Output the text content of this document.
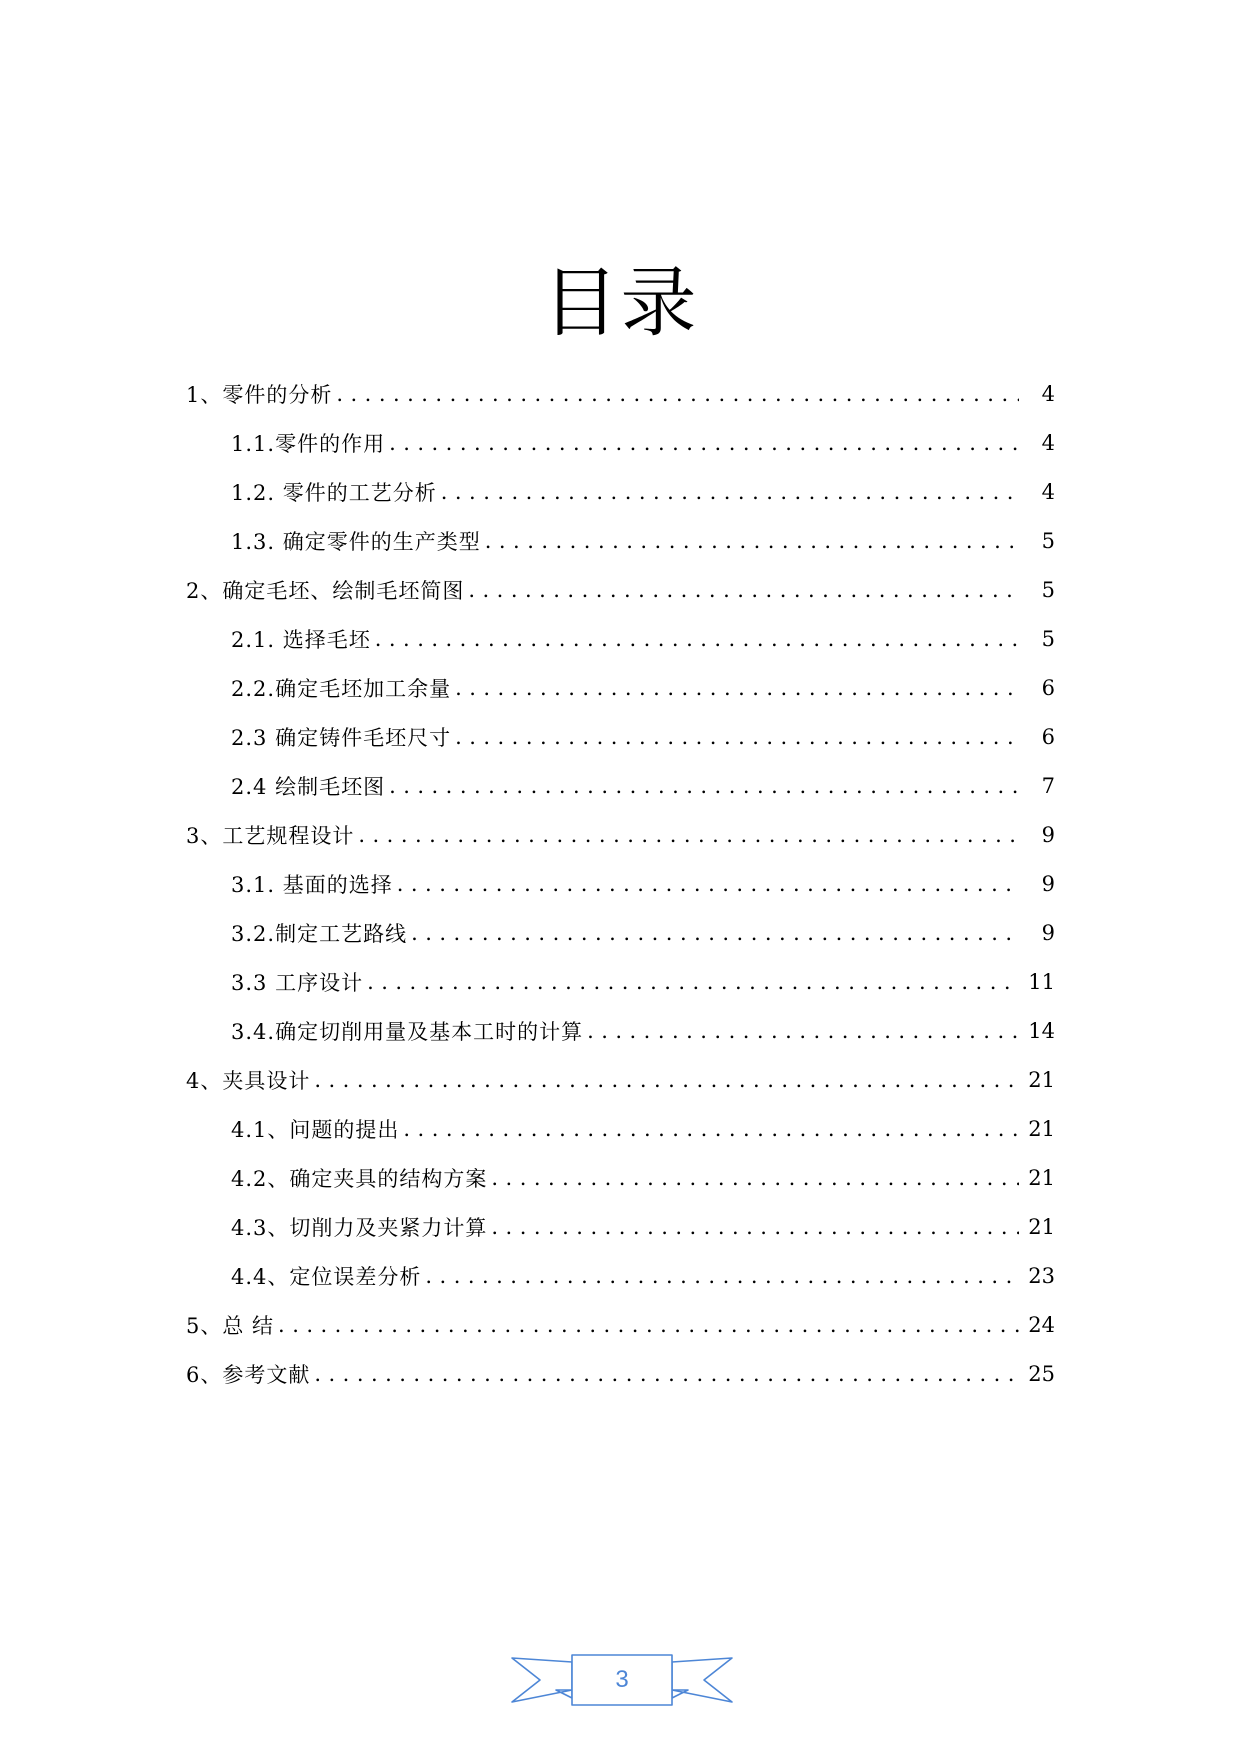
目录
1、零件的分析 . . .	4
1.1.零件的作用 . . .	4
1.2. 零件的工艺分析 . . .	4
1.3. 确定零件的生产类型 . . .	5
2、确定毛坯、绘制毛坯简图 . . .	5
2.1. 选择毛坯 . . .	5
2.2.确定毛坯加工余量 . . .	6
2.3 确定铸件毛坯尺寸 . . .	6
2.4 绘制毛坯图 . . .	7
3、工艺规程设计 . . .	9
3.1. 基面的选择 . . .	9
3.2.制定工艺路线 . . .	9
3.3 工序设计 . . .	11
3.4.确定切削用量及基本工时的计算 . . .	14
4、夹具设计 . . .	21
4.1、问题的提出 . . .	21
4.2、确定夹具的结构方案 . . .	21
4.3、切削力及夹紧力计算 . . .	21
4.4、定位误差分析 . . .	23
5、总 结 . . .	24
6、参考文献 . . .	25
3
